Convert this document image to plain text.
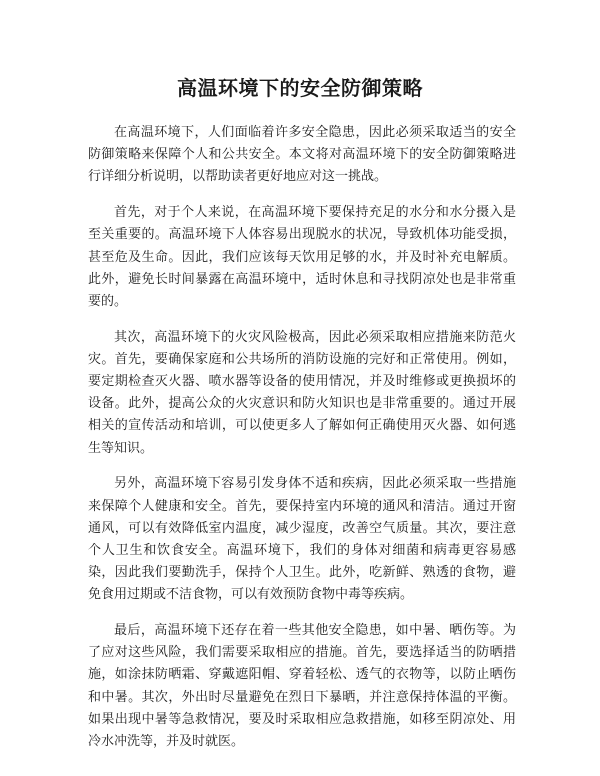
高温环境下的安全防御策略

在高温环境下，人们面临着许多安全隐患，因此必须采取适当的安全防御策略来保障个人和公共安全。本文将对高温环境下的安全防御策略进行详细分析说明，以帮助读者更好地应对这一挑战。

首先，对于个人来说，在高温环境下要保持充足的水分和水分摄入是至关重要的。高温环境下人体容易出现脱水的状况，导致机体功能受损，甚至危及生命。因此，我们应该每天饮用足够的水，并及时补充电解质。此外，避免长时间暴露在高温环境中，适时休息和寻找阴凉处也是非常重要的。

其次，高温环境下的火灾风险极高，因此必须采取相应措施来防范火灾。首先，要确保家庭和公共场所的消防设施的完好和正常使用。例如，要定期检查灭火器、喷水器等设备的使用情况，并及时维修或更换损坏的设备。此外，提高公众的火灾意识和防火知识也是非常重要的。通过开展相关的宣传活动和培训，可以使更多人了解如何正确使用灭火器、如何逃生等知识。

另外，高温环境下容易引发身体不适和疾病，因此必须采取一些措施来保障个人健康和安全。首先，要保持室内环境的通风和清洁。通过开窗通风，可以有效降低室内温度，减少湿度，改善空气质量。其次，要注意个人卫生和饮食安全。高温环境下，我们的身体对细菌和病毒更容易感染，因此我们要勤洗手，保持个人卫生。此外，吃新鲜、熟透的食物，避免食用过期或不洁食物，可以有效预防食物中毒等疾病。

最后，高温环境下还存在着一些其他安全隐患，如中暑、晒伤等。为了应对这些风险，我们需要采取相应的措施。首先，要选择适当的防晒措施，如涂抹防晒霜、穿戴遮阳帽、穿着轻松、透气的衣物等，以防止晒伤和中暑。其次，外出时尽量避免在烈日下暴晒，并注意保持体温的平衡。如果出现中暑等急救情况，要及时采取相应急救措施，如移至阴凉处、用冷水冲洗等，并及时就医。
